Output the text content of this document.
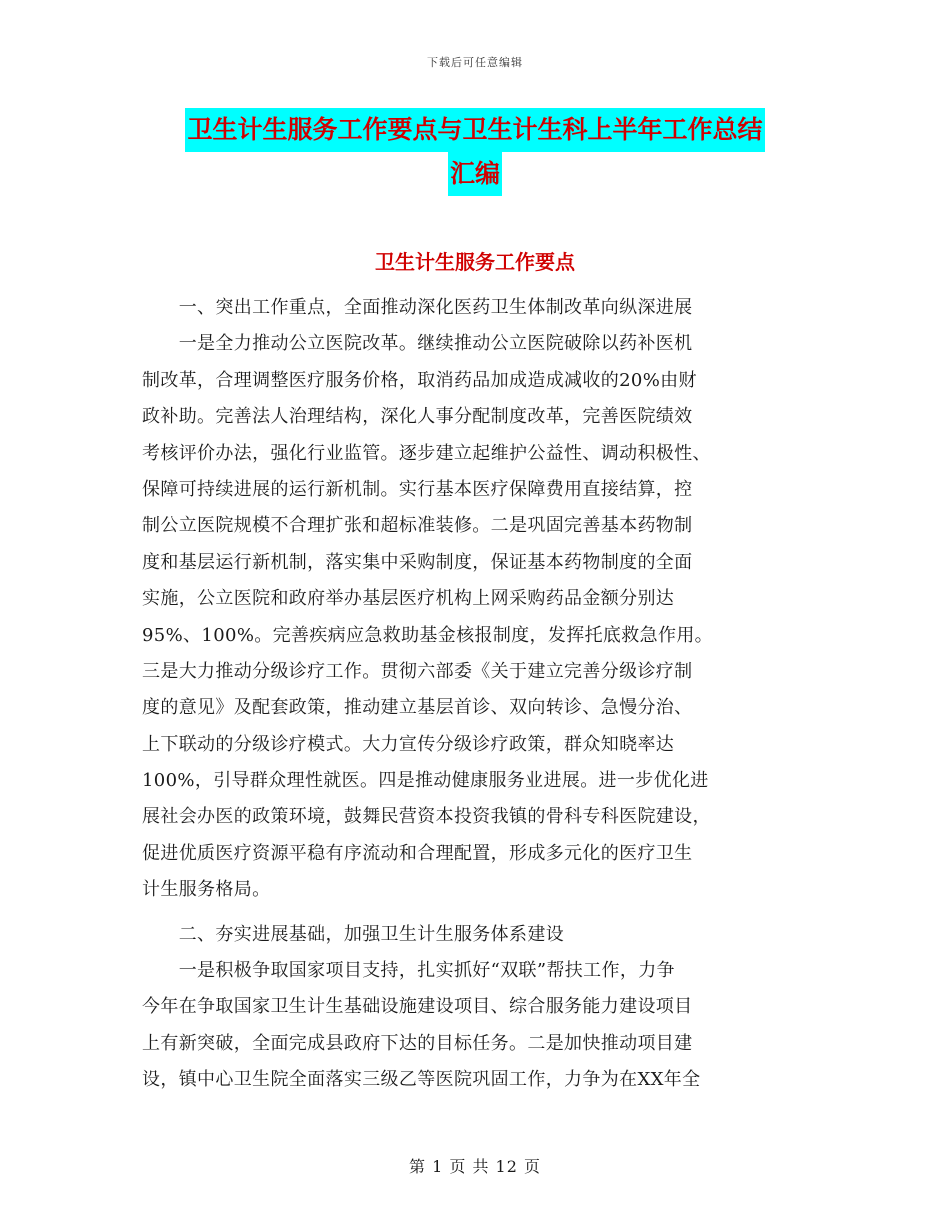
下载后可任意编辑
卫生计生服务工作要点与卫生计生科上半年工作总结
汇编
卫生计生服务工作要点
　　一、突出工作重点，全面推动深化医药卫生体制改革向纵深进展
　　一是全力推动公立医院改革。继续推动公立医院破除以药补医机
制改革，合理调整医疗服务价格，取消药品加成造成减收的20%由财
政补助。完善法人治理结构，深化人事分配制度改革，完善医院绩效
考核评价办法，强化行业监管。逐步建立起维护公益性、调动积极性、
保障可持续进展的运行新机制。实行基本医疗保障费用直接结算，控
制公立医院规模不合理扩张和超标准装修。二是巩固完善基本药物制
度和基层运行新机制，落实集中采购制度，保证基本药物制度的全面
实施，公立医院和政府举办基层医疗机构上网采购药品金额分别达
95%、100%。完善疾病应急救助基金核报制度，发挥托底救急作用。
三是大力推动分级诊疗工作。贯彻六部委《关于建立完善分级诊疗制
度的意见》及配套政策，推动建立基层首诊、双向转诊、急慢分治、
上下联动的分级诊疗模式。大力宣传分级诊疗政策，群众知晓率达
100%，引导群众理性就医。四是推动健康服务业进展。进一步优化进
展社会办医的政策环境，鼓舞民营资本投资我镇的骨科专科医院建设，
促进优质医疗资源平稳有序流动和合理配置，形成多元化的医疗卫生
计生服务格局。
　　二、夯实进展基础，加强卫生计生服务体系建设
　　一是积极争取国家项目支持，扎实抓好“双联”帮扶工作，力争
今年在争取国家卫生计生基础设施建设项目、综合服务能力建设项目
上有新突破，全面完成县政府下达的目标任务。二是加快推动项目建
设，镇中心卫生院全面落实三级乙等医院巩固工作，力争为在XX年全
第 1 页 共 12 页
